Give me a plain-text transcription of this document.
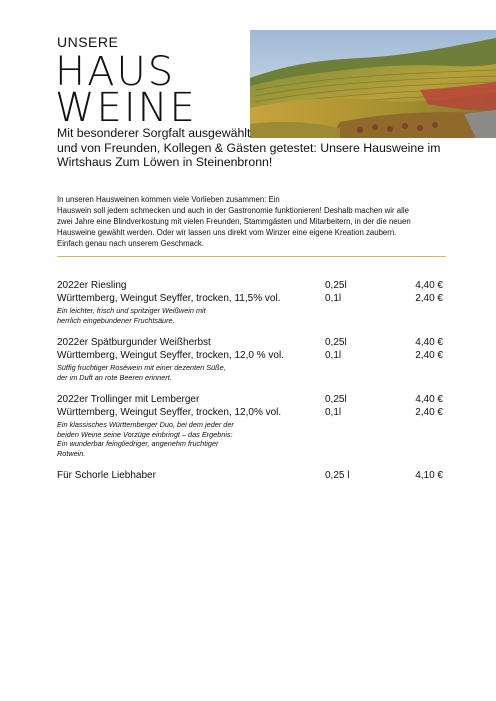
UNSERE
HAUS
WEINE
Mit besonderer Sorgfalt ausgewählt
und von Freunden, Kollegen & Gästen getestet: Unsere Hausweine im
Wirtshaus Zum Löwen in Steinenbronn!
In unseren Hausweinen kommen viele Vorlieben zusammen: Ein
Hauswein soll jedem schmecken und auch in der Gastronomie funktionieren! Deshalb machen wir alle
zwei Jahre eine Blindverkostung mit vielen Freunden, Stammgästen und Mitarbeitern, in der die neuen
Hausweine gewählt werden. Oder wir lassen uns direkt vom Winzer eine eigene Kreation zaubern.
Einfach genau nach unserem Geschmack.
2022er Riesling	0,25l	4,40 €
Württemberg, Weingut Seyffer, trocken, 11,5% vol.	0,1l	2,40 €
Ein leichter, frisch und spritziger Weißwein mit
herrlich eingebundener Fruchtsäure.
2022er Spätburgunder Weißherbst	0,25l	4,40 €
Württemberg, Weingut Seyffer, trocken, 12,0 % vol.	0,1l	2,40 €
Süffig fruchtiger Roséwein mit einer dezenten Süße,
der im Duft an rote Beeren erinnert.
2022er Trollinger mit Lemberger	0,25l	4,40 €
Württemberg, Weingut Seyffer, trocken, 12,0% vol.	0,1l	2,40 €
Ein klassisches Württemberger Duo, bei dem jeder der
beiden Weine seine Vorzüge einbringt – das Ergebnis:
Ein wunderbar feingliedriger, angenehm fruchtiger
Rotwein.
Für Schorle Liebhaber	0,25 l	4,10 €
